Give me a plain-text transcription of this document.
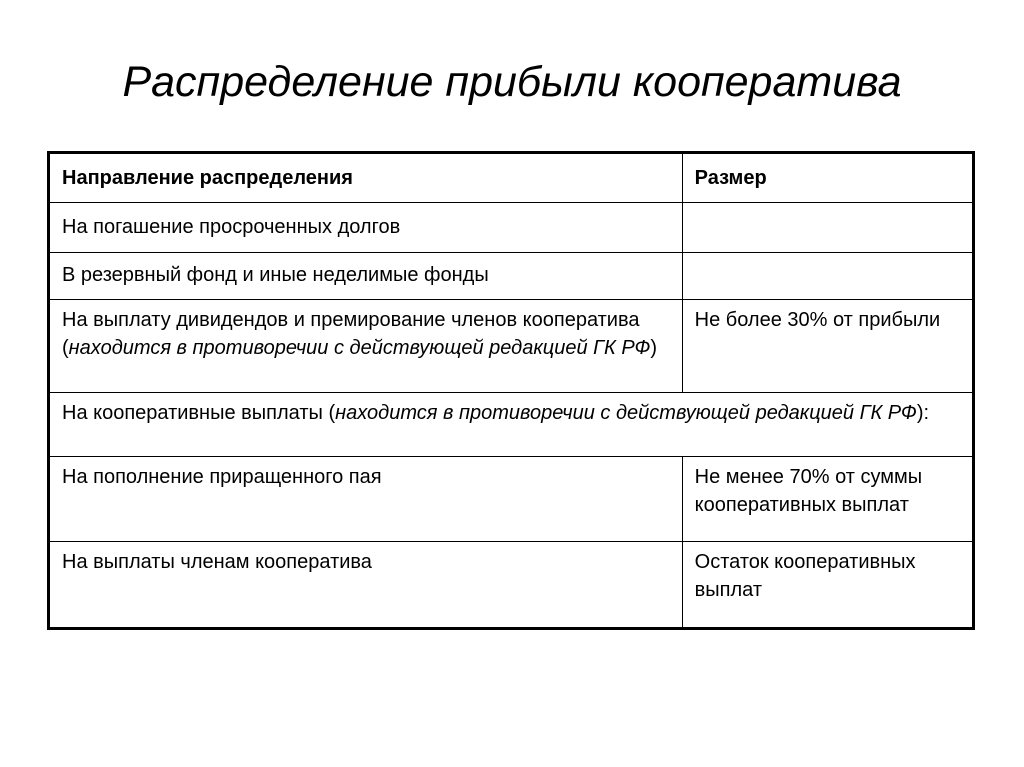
Распределение прибыли кооператива
Направление распределения	Размер
На погашение просроченных долгов	
В резервный фонд и иные неделимые фонды	
На выплату дивидендов и премирование членов кооператива (находится в противоречии с действующей редакцией ГК РФ)	Не более 30% от прибыли
На кооперативные выплаты (находится в противоречии с действующей редакцией ГК РФ):	
На пополнение приращенного пая	Не менее 70% от суммы кооперативных выплат
На выплаты членам кооператива	Остаток кооперативных выплат
